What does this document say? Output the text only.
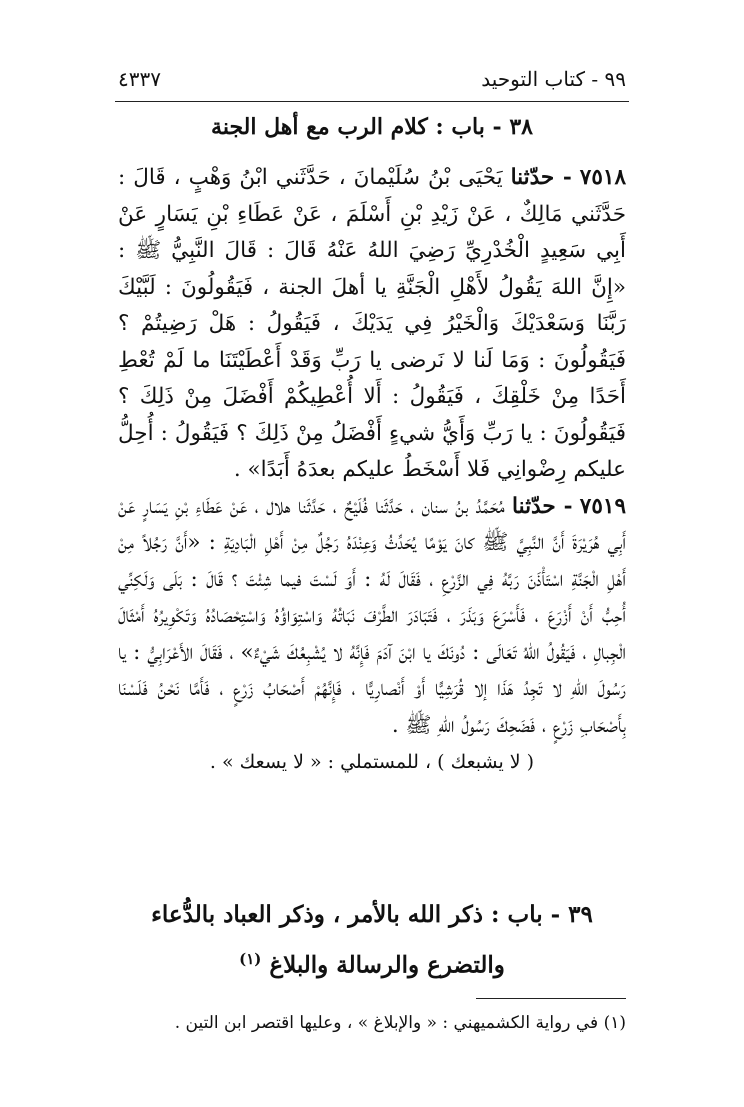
٩٩ - كتاب التوحيد
٤٣٣٧
٣٨ - باب : كلام الرب مع أهل الجنة

٧٥١٨ - حدّثنا يَحْيَى بْنُ سُلَيْمانَ ، حَدَّثَني ابْنُ وَهْبٍ ، قَالَ : حَدَّثَني مَالِكٌ ، عَنْ زَيْدِ بْنِ أَسْلَمَ ، عَنْ عَطَاءِ بْنِ يَسَارٍ عَنْ أَبِي سَعِيدٍ الْخُدْرِيِّ رَضِيَ اللهُ عَنْهُ قَالَ : قَالَ النَّبِيُّ ﷺ : «إِنَّ اللهَ يَقُولُ لأَهْلِ الْجَنَّةِ يا أهلَ الجنة ، فَيَقُولُونَ : لَبَّيْكَ رَبَّنَا وَسَعْدَيْكَ وَالْخَيْرُ فِي يَدَيْكَ ، فَيَقُولُ : هَلْ رَضِيتُمْ ؟ فَيَقُولُونَ : وَمَا لَنا لا نَرضى يا رَبِّ وَقَدْ أَعْطَيْتَنَا ما لَمْ تُعْطِ أَحَدًا مِنْ خَلْقِكَ ، فَيَقُولُ : أَلا أُعْطِيكُمْ أَفْضَلَ مِنْ ذَلِكَ ؟ فَيَقُولُونَ : يا رَبِّ وَأَيُّ شيءٍ أَفْضَلُ مِنْ ذَلِكَ ؟ فَيَقُولُ : أُحِلُّ عليكم رِضْوانِي فَلا أَسْخَطُ عليكم بعدَهُ أَبَدًا» .

٧٥١٩ - حدّثنا مُحَمَّدُ بنُ سنان ، حَدَّثَنا فُلَيْحٌ ، حَدَّثَنا هلال ، عَنْ عَطَاءِ بْنِ يَسَارٍ عَنْ أَبِي هُرَيْرَةَ أَنَّ النَّبِيَّ ﷺ كانَ يَوْمًا يُحَدِّثُ وَعِنْدَهُ رَجُلٌ مِنْ أَهْلِ الْبَادِيَةِ : «أَنَّ رَجُلاً مِنْ أَهْلِ الْجَنَّةِ اسْتَأْذَنَ رَبَّهُ فِي الزَّرْعِ ، فَقَالَ لَهُ : أَوَ لَسْتَ فيما شِئْتَ ؟ قَالَ : بَلَى وَلَكِنِّي أُحِبُّ أَنْ أَزْرَعَ ، فَأَسْرَعَ وَبَذَرَ ، فَتَبَادَرَ الطَّرْفَ نَبَاتُهُ وَاسْتِوَاؤُهُ وَاسْتِحْصَادُهُ وَتَكْوِيرُهُ أَمْثَالَ الْجِبالِ ، فَيَقُولُ اللهُ تَعَالَى : دُونَكَ يا ابْنَ آدَمَ فَإِنَّهُ لا يُشْبِعُكَ شَيْءٌ» ، فَقَالَ الأَعْرَابِيُّ : يا رَسُولَ اللهِ لا تَجِدُ هَذَا إلا قُرَشِيًّا أَوْ أَنْصارِيًّا ، فَإِنَّهُمْ أَصْحَابُ زَرْعٍ ، فَأَمَّا نَحْنُ فَلَسْنَا بِأَصْحَابِ زَرْعٍ ، فَضَحِكَ رَسُولُ اللهِ ﷺ .

( لا يشبعك ) ، للمستملي : « لا يسعك » .

٣٩ - باب : ذكر الله بالأمر ، وذكر العباد بالدُّعاء
والتضرع والرسالة والبلاغ $^{(١)}$
(١) في رواية الكشميهني : « والإبلاغ » ، وعليها اقتصر ابن التين .
